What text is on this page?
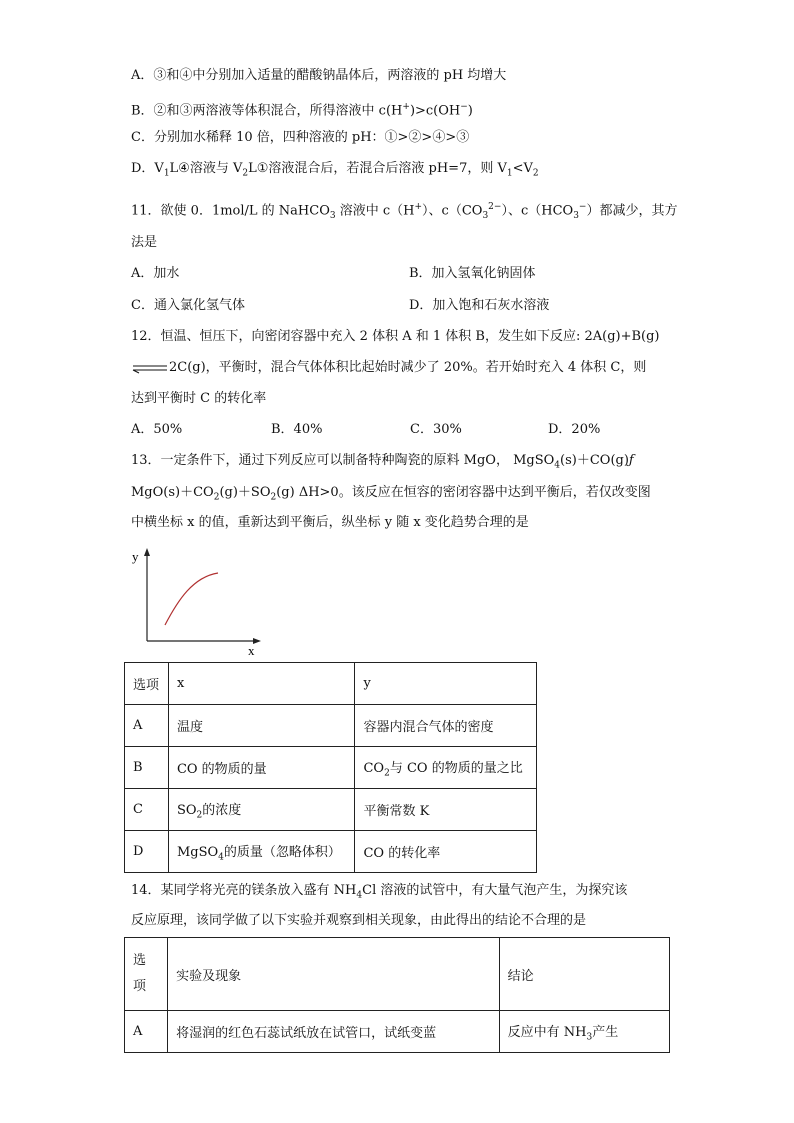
A．③和④中分别加入适量的醋酸钠晶体后，两溶液的 pH 均增大
B．②和③两溶液等体积混合，所得溶液中 c(H+)>c(OH−)
C．分别加水稀释 10 倍，四种溶液的 pH：①>②>④>③
D．$V_1L④$溶液与 $V_2L①$溶液混合后，若混合后溶液 pH=7，则 $V_1<V_2$
11．欲使 0．1mol/L 的 NaHCO$_3$ 溶液中 c（H+）、$c(CO_3^{2-})$、$c(HCO_3^-)$都减少，其方
法是
A．加水	B．加入氢氧化钠固体
C．通入氯化氢气体	D．加入饱和石灰水溶液
12．恒温、恒压下，向密闭容器中充入 2 体积 A 和 1 体积 B，发生如下反应: 2A(g)+B(g)
2C(g)，平衡时，混合气体体积比起始时减少了 20%。若开始时充入 4 体积 C，则
达到平衡时 C 的转化率
A．50%	B．40%	C．30%	D．20%
13．一定条件下，通过下列反应可以制备特种陶瓷的原料 MgO， MgSO$_4$(s)＋CO(g)ƒ
$MgO(s)+CO_2(g)+SO_2(g)$ ΔH>0。该反应在恒容的密闭容器中达到平衡后，若仅改变图
中横坐标 x 的值，重新达到平衡后，纵坐标 y 随 x 变化趋势合理的是
y
x
选项	x	y
A	温度	容器内混合气体的密度
B	CO 的物质的量	$CO_2$与 CO 的物质的量之比
C	$SO_2$的浓度	平衡常数 K
D	MgSO$_4$的质量（忽略体积）	CO 的转化率
14．某同学将光亮的镁条放入盛有 $NH_4Cl$ 溶液的试管中，有大量气泡产生，为探究该
反应原理，该同学做了以下实验并观察到相关现象，由此得出的结论不合理的是
选
项	实验及现象	结论
A	将湿润的红色石蕊试纸放在试管口，试纸变蓝	反应中有 $NH_3$产生
